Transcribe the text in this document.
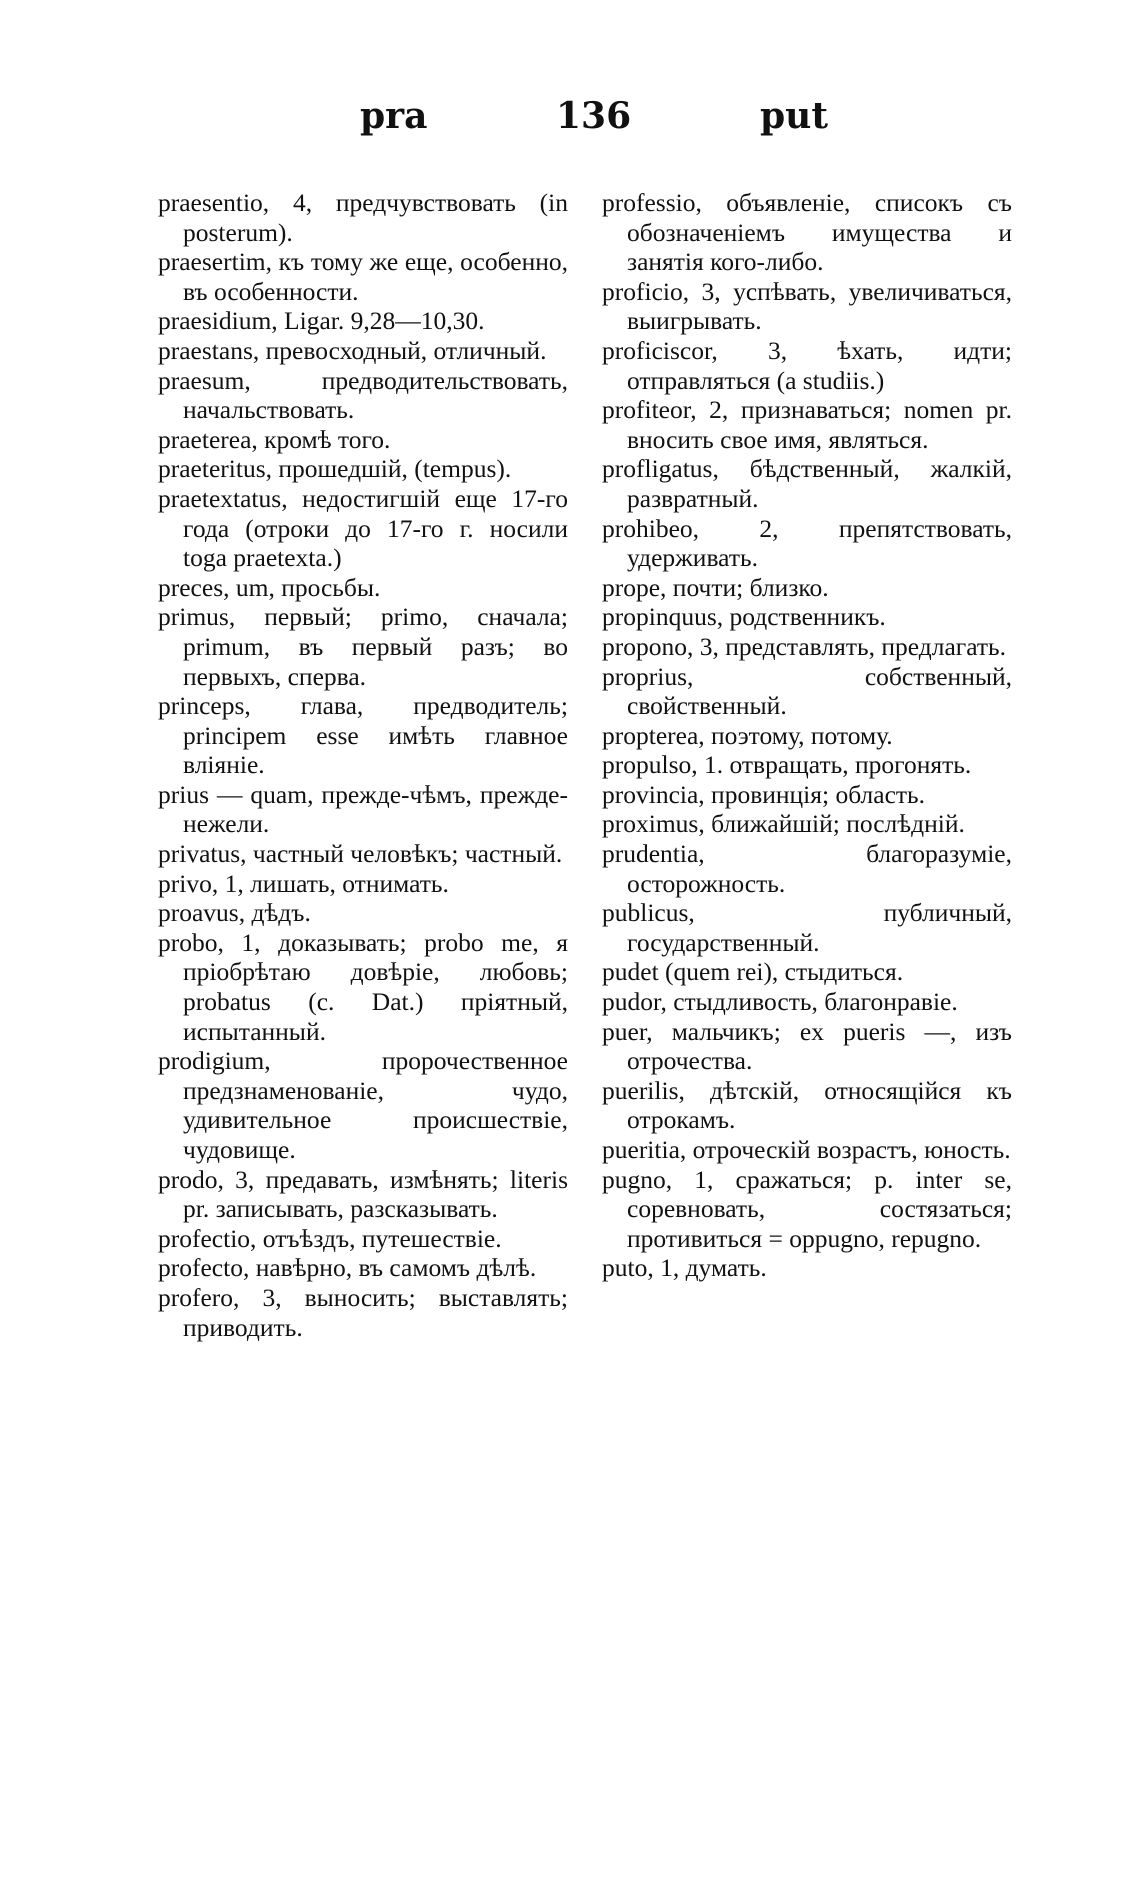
pra	136	put

praesentio, 4, предчувствовать (in posterum).

praesertim, къ тому же еще, особенно, въ особенности.

praesidium, Ligar. 9,28—10,30.

praestans, превосходный, отличный.

praesum, предводительствовать, начальствовать.

praeterea, кромѣ того.

praeteritus, прошедшій, (tempus).

praetextatus, недостигшій еще 17-го года (отроки до 17-го г. носили toga praetexta.)

preces, um, просьбы.

primus, первый; primo, сначала; primum, въ первый разъ; во первыхъ, сперва.

princeps, глава, предводитель; principem esse имѣть главное вліяніе.

prius — quam, прежде-чѣмъ, прежде-нежели.

privatus, частный человѣкъ; частный.

privo, 1, лишать, отнимать.

proavus, дѣдъ.

probo, 1, доказывать; probo me, я пріобрѣтаю довѣріе, любовь; probatus (c. Dat.) пріятный, испытанный.

prodigium, пророчественное предзнаменованіе, чудо, удивительное происшествіе, чудовище.

prodo, 3, предавать, измѣнять; literis pr. записывать, разсказывать.

profectio, отъѣздъ, путешествіе.

profecto, навѣрно, въ самомъ дѣлѣ.

profero, 3, выносить; выставлять; приводить.

professio, объявленіе, списокъ съ обозначеніемъ имущества и занятія кого-либо.

proficio, 3, успѣвать, увеличиваться, выигрывать.

proficiscor, 3, ѣхать, идти; отправляться (a studiis.)

profiteor, 2, признаваться; nomen pr. вносить свое имя, являться.

profligatus, бѣдственный, жалкій, развратный.

prohibeo, 2, препятствовать, удерживать.

prope, почти; близко.

propinquus, родственникъ.

propono, 3, представлять, предлагать.

proprius, собственный, свойственный.

propterea, поэтому, потому.

propulso, 1. отвращать, прогонять.

provincia, провинція; область.

proximus, ближайшій; послѣдній.

prudentia, благоразуміе, осторожность.

publicus, публичный, государственный.

pudet (quem rei), стыдиться.

pudor, стыдливость, благонравіе.

puer, мальчикъ; ex pueris —, изъ отрочества.

puerilis, дѣтскій, относящійся къ отрокамъ.

pueritia, отроческій возрастъ, юность.

pugno, 1, сражаться; p. inter se, соревновать, состязаться; противиться = oppugno, repugno.

puto, 1, думать.
